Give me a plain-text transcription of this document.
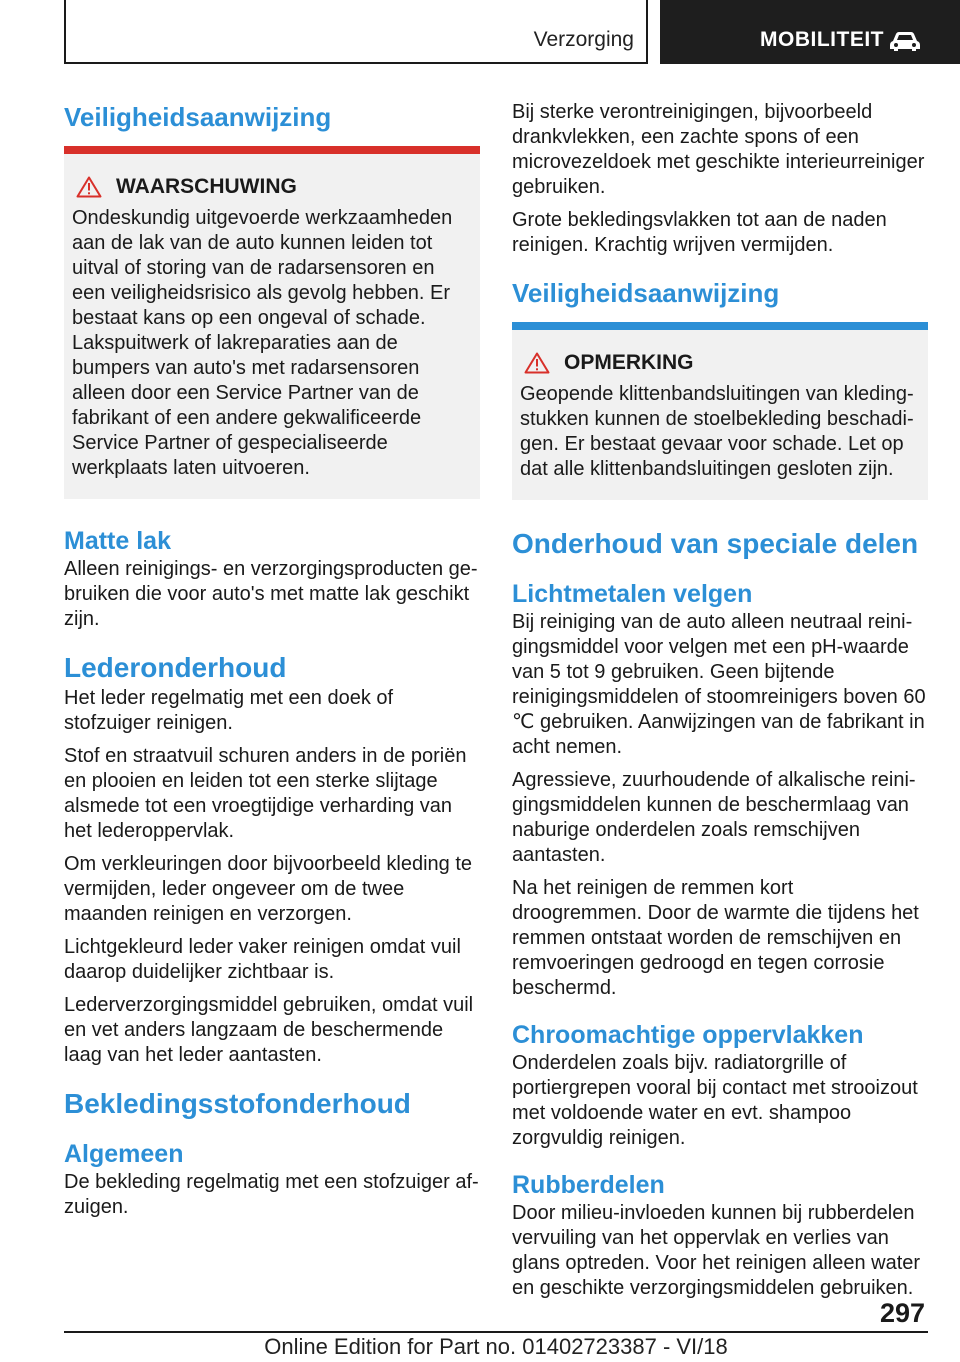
Verzorging	MOBILITEIT
Veiligheidsaanwijzing
WAARSCHUWING

Ondeskundig uitgevoerde werkzaamheden aan de lak van de auto kunnen leiden tot uitval of storing van de radarsensoren en een veiligheidsrisico als gevolg hebben. Er bestaat kans op een ongeval of schade. Lakspuitwerk of lakreparaties aan de bumpers van auto's met radarsensoren alleen door een Service Partner van de fabrikant of een andere gekwalificeerde Service Partner of gespecialiseerde werkplaats laten uitvoeren.

Matte lak

Alleen reinigings- en verzorgingsproducten gebruiken die voor auto's met matte lak geschikt zijn.

Lederonderhoud

Het leder regelmatig met een doek of stofzuiger reinigen.

Stof en straatvuil schuren anders in de poriën en plooien en leiden tot een sterke slijtage alsmede tot een vroegtijdige verharding van het lederoppervlak.

Om verkleuringen door bijvoorbeeld kleding te vermijden, leder ongeveer om de twee maanden reinigen en verzorgen.

Lichtgekleurd leder vaker reinigen omdat vuil daarop duidelijker zichtbaar is.

Lederverzorgingsmiddel gebruiken, omdat vuil en vet anders langzaam de beschermende laag van het leder aantasten.

Bekledingsstofonderhoud
Algemeen

De bekleding regelmatig met een stofzuiger afzuigen.

Bij sterke verontreinigingen, bijvoorbeeld drankvlekken, een zachte spons of een microvezeldoek met geschikte interieurreiniger gebruiken.

Grote bekledingsvlakken tot aan de naden reinigen. Krachtig wrijven vermijden.

Veiligheidsaanwijzing
OPMERKING

Geopende klittenbandsluitingen van kledingstukken kunnen de stoelbekleding beschadigen. Er bestaat gevaar voor schade. Let op dat alle klittenbandsluitingen gesloten zijn.

Onderhoud van speciale delen
Lichtmetalen velgen

Bij reiniging van de auto alleen neutraal reinigingsmiddel voor velgen met een pH-waarde van 5 tot 9 gebruiken. Geen bijtende reinigingsmiddelen of stoomreinigers boven 60 ℃ gebruiken. Aanwijzingen van de fabrikant in acht nemen.

Agressieve, zuurhoudende of alkalische reinigingsmiddelen kunnen de beschermlaag van naburige onderdelen zoals remschijven aantasten.

Na het reinigen de remmen kort droogremmen. Door de warmte die tijdens het remmen ontstaat worden de remschijven en remvoeringen gedroogd en tegen corrosie beschermd.

Chroomachtige oppervlakken

Onderdelen zoals bijv. radiatorgrille of portiergrepen vooral bij contact met strooizout met voldoende water en evt. shampoo zorgvuldig reinigen.

Rubberdelen

Door milieu-invloeden kunnen bij rubberdelen vervuiling van het oppervlak en verlies van glans optreden. Voor het reinigen alleen water en geschikte verzorgingsmiddelen gebruiken.

297
Online Edition for Part no. 01402723387 - VI/18
